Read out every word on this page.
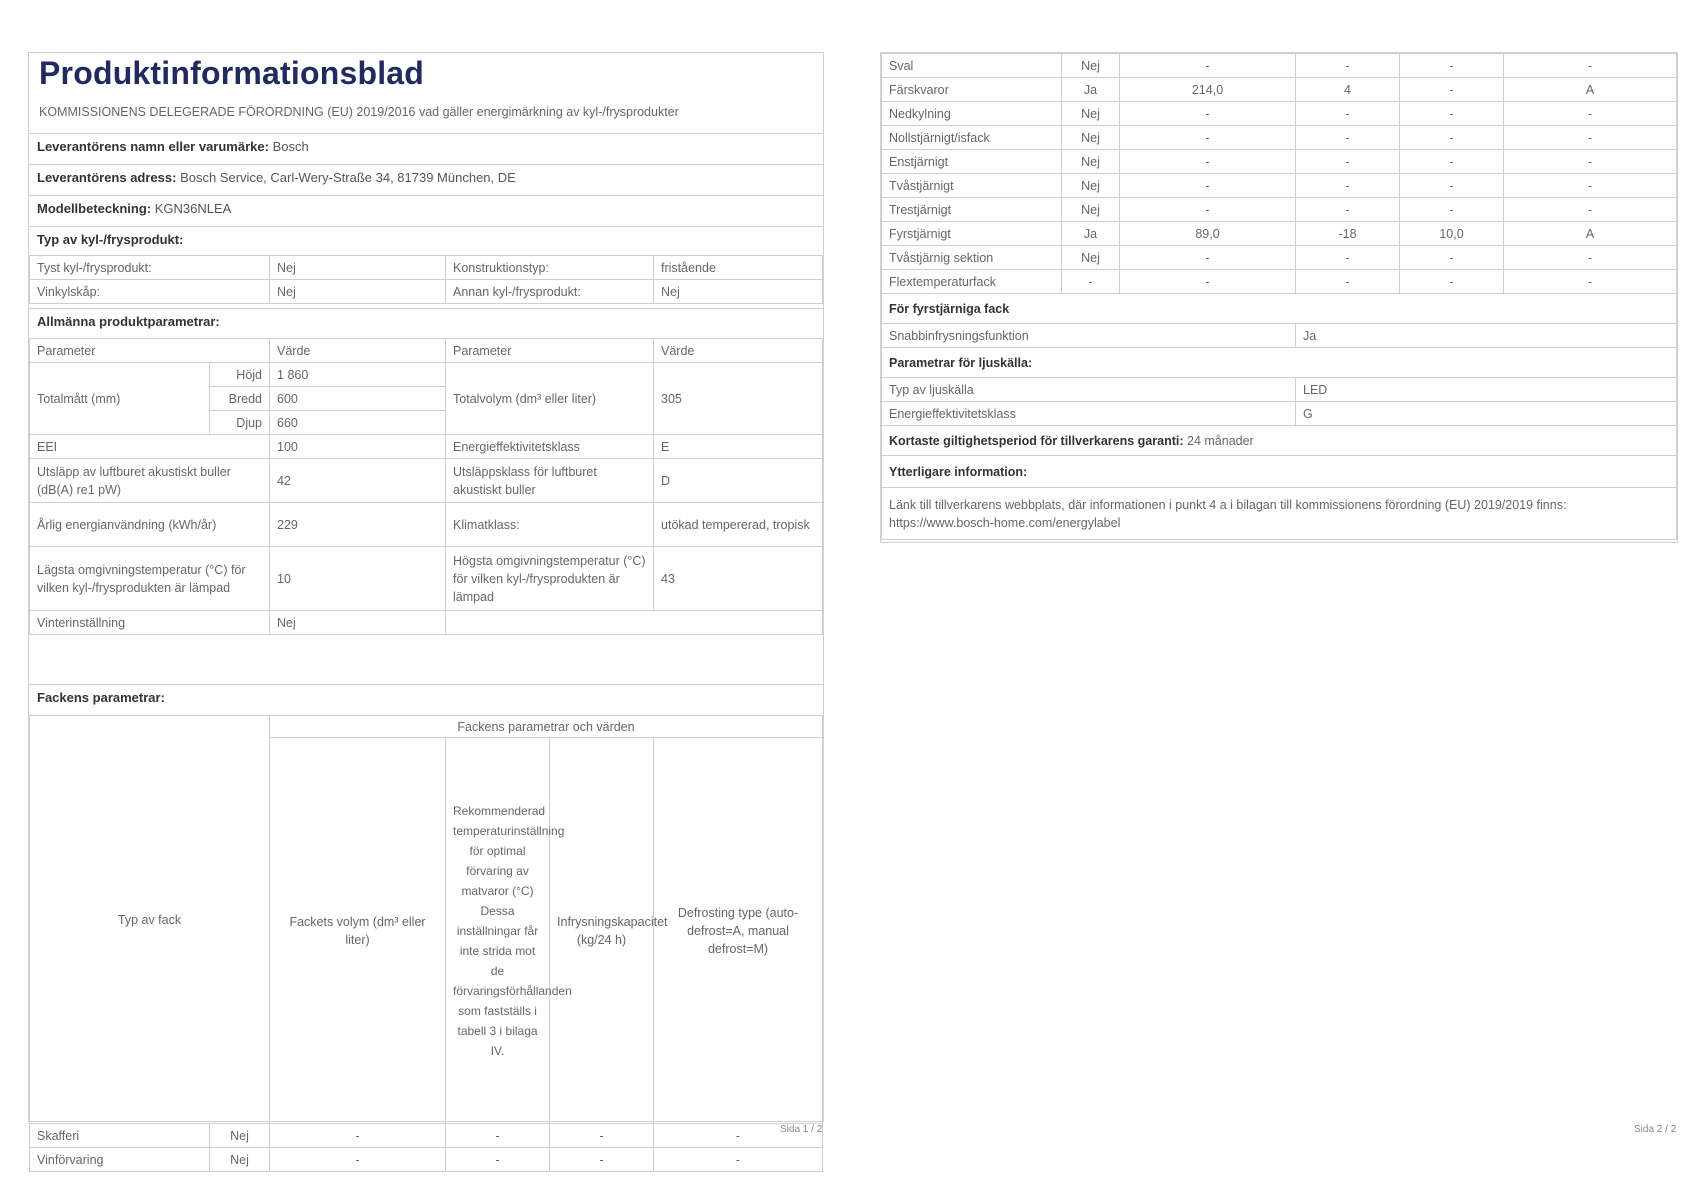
Produktinformationsblad
KOMMISSIONENS DELEGERADE FÖRORDNING (EU) 2019/2016 vad gäller energimärkning av kyl-/frysprodukter
Leverantörens namn eller varumärke: Bosch
Leverantörens adress: Bosch Service, Carl-Wery-Straße 34, 81739 München, DE
Modellbeteckning: KGN36NLEA
Typ av kyl-/frysprodukt:
Tyst kyl-/frysprodukt:	Nej	Konstruktionstyp:	fristående
Vinkylskåp:	Nej	Annan kyl-/frysprodukt:	Nej
Allmänna produktparametrar:
Parameter		Värde	Parameter	Värde
Totalmått (mm)	Höjd	1 860	Totalvolym (dm³ eller liter)	305
	Bredd	600		
	Djup	660		
EEI		100	Energieffektivitetsklass	E
Utsläpp av luftburet akustiskt buller (dB(A) re1 pW)		42	Utsläppsklass för luftburet akustiskt buller	D
Årlig energianvändning (kWh/år)		229	Klimatklass:	utökad tempererad, tropisk
Lägsta omgivningstemperatur (°C) för vilken kyl-/frysprodukten är lämpad		10	Högsta omgivningstemperatur (°C) för vilken kyl-/frysprodukten är lämpad	43
Vinterinställning		Nej		
Fackens parametrar:
Typ av fack		Fackens parametrar och värden			
		Fackets volym (dm³ eller liter)	Rekommenderad temperaturinställning för optimal förvaring av matvaror (°C) Dessa inställningar får inte strida mot de förvaringsförhållanden som fastställs i tabell 3 i bilaga IV.	Infrysningskapacitet (kg/24 h)	Defrosting type (auto-defrost=A, manual defrost=M)
Skafferi	Nej	-	-	-	-
Vinförvaring	Nej	-	-	-	-
Sida 1 / 2
Sval	Nej	-	-	-	-
Färskvaror	Ja	214,0	4	-	A
Nedkylning	Nej	-	-	-	-
Nollstjärnigt/isfack	Nej	-	-	-	-
Enstjärnigt	Nej	-	-	-	-
Tvåstjärnigt	Nej	-	-	-	-
Trestjärnigt	Nej	-	-	-	-
Fyrstjärnigt	Ja	89,0	-18	10,0	A
Tvåstjärnig sektion	Nej	-	-	-	-
Flextemperaturfack	-	-	-	-	-
För fyrstjärniga fack					
Snabbinfrysningsfunktion			Ja		
Parametrar för ljuskälla:					
Typ av ljuskälla			LED		
Energieffektivitetsklass			G		
Kortaste giltighetsperiod för tillverkarens garanti: 24 månader					
Ytterligare information:					
Länk till tillverkarens webbplats, där informationen i punkt 4 a i bilagan till kommissionens förordning (EU) 2019/2019 finns: https://www.bosch-home.com/energylabel					
Sida 2 / 2
